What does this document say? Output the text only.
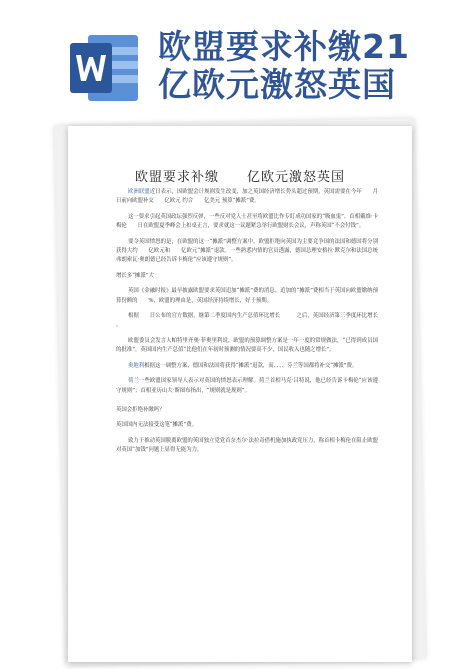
欧盟要求补缴21
亿欧元激怒英国
欧盟要求补缴　　亿欧元激怒英国

欧洲联盟近日表示，因欧盟会计规则发生改变，加之英国经济增长势头超过预期，英国需要在今年　　月　　日前向欧盟补交　　亿欧元 约合　　亿美元 预算“摊派”费。

这一要求引起英国政坛强烈反弹，一些反对党人士甚至将欧盟比作专盯成功国家的“吸血鬼”。首相戴维·卡梅伦　　日在欧盟夏季峰会上扣桌正言，要求就这一议题紧急举行欧盟财长会议，声称英国“不会付钱”。

要令英国愤怒的是，在欧盟的这一“摊派”调整方案中，欧盟拒绝向英国为主要竞争国的法国和德国将分别获得大约　　亿欧元和　　亿欧元“摊派”退款。一些熟悉内情的官员透露，德国总理安格拉·默克尔和法国总统弗朗索瓦·奥朗德已经告诉卡梅伦“应该遵守规则”。

增长多“摊派”大

英国《金融时报》最早披露欧盟要求英国追加“摊派”费的消息。追加的“摊派”费相当于英国向欧盟缴纳预算份额的　　%，欧盟的理由是，英国经济持续增长，好于预期。

根据　　日公布的官方数据，继第二季度国内生产总值环比增长　　　之后，英国经济第三季度环比增长　　　。

欧盟委员会发言人帕特里齐奥·菲奥里利说，欧盟的预算调整方案是一年一度的常规做法，“已得到成员国的批准”。英国国内生产总值“比他们在年初时预测的情况要高不少，国民收入也随之增长”。

奥地利根据这一调整方案，德国和法国将获得“摊派”退款，而、、、、芬兰等国都将补交“摊派”费。

荷兰一些欧盟国家领导人表示对英国的愤怒表示理解。荷兰首相马克·吕特说，他已经告诉卡梅伦“应该遵守规则”；首相亚历山大·斯图布指出，“规则就是规则”。

英国会拒绝补缴吗？

英国国内无法接受这笔“摊派”费。

致力于推动英国脱离欧盟的英国独立党党首奈杰尔·法拉奇借机施加执政党压力，称首相卡梅伦在阻止欧盟对英国“加钱”问题上显得无能为力。
